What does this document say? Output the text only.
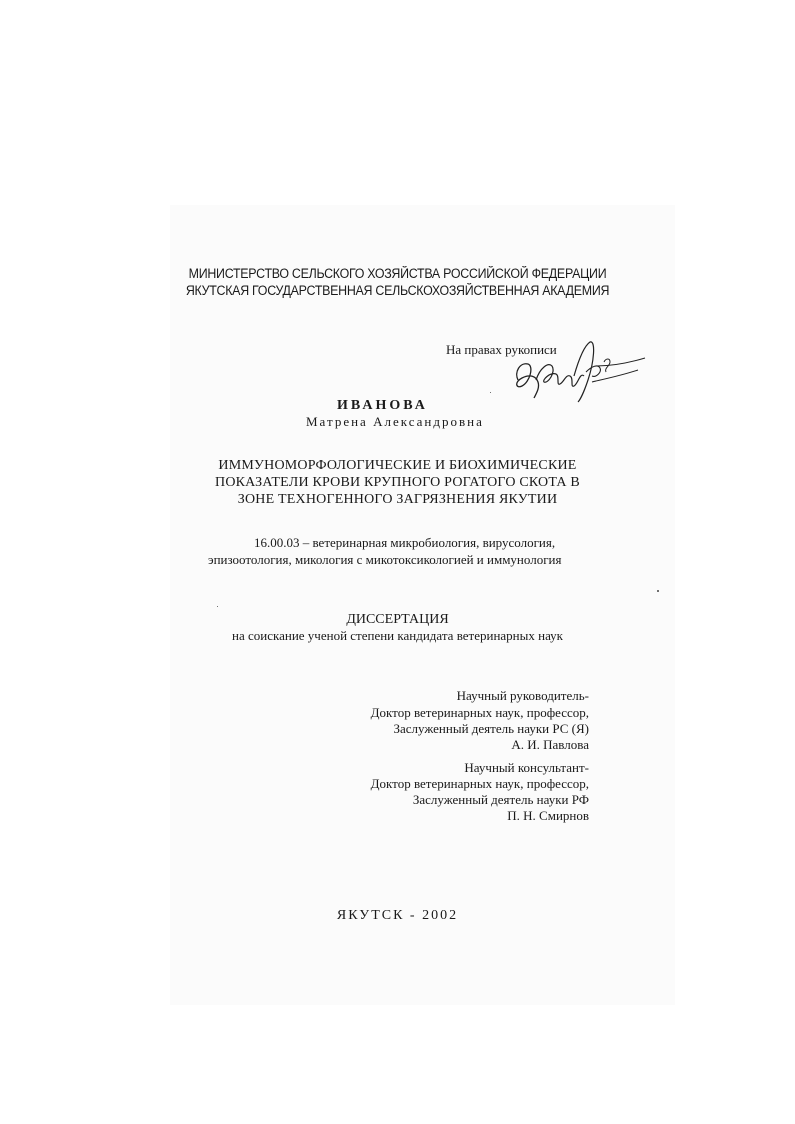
МИНИСТЕРСТВО СЕЛЬСКОГО ХОЗЯЙСТВА РОССИЙСКОЙ ФЕДЕРАЦИИ
ЯКУТСКАЯ ГОСУДАРСТВЕННАЯ СЕЛЬСКОХОЗЯЙСТВЕННАЯ АКАДЕМИЯ
На правах рукописи
ИВАНОВА
Матрена Александровна
ИММУНОМОРФОЛОГИЧЕСКИЕ И БИОХИМИЧЕСКИЕ
ПОКАЗАТЕЛИ КРОВИ КРУПНОГО РОГАТОГО СКОТА В
ЗОНЕ ТЕХНОГЕННОГО ЗАГРЯЗНЕНИЯ ЯКУТИИ
16.00.03 – ветеринарная микробиология, вирусология,
эпизоотология, микология с микотоксикологией и иммунология
ДИССЕРТАЦИЯ
на соискание ученой степени кандидата ветеринарных наук
Научный руководитель-
Доктор ветеринарных наук, профессор,
Заслуженный деятель науки РС (Я)
А. И. Павлова
Научный консультант-
Доктор ветеринарных наук, профессор,
Заслуженный деятель науки РФ
П. Н. Смирнов
ЯКУТСК - 2002
